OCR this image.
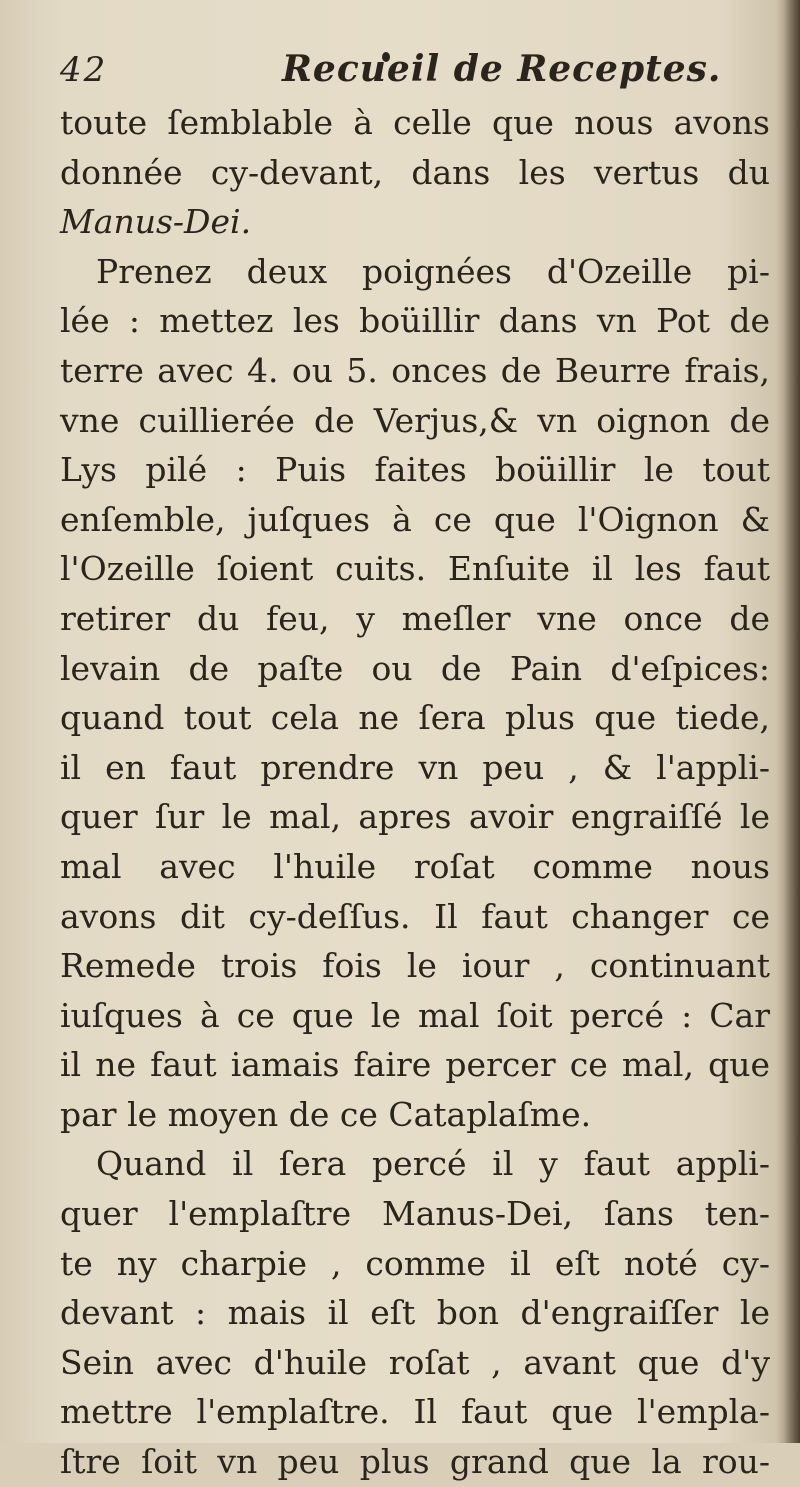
42	Recueil de Receptes.
toute ſemblable à celle que nous avons
donnée cy-devant, dans les vertus du
Manus-Dei.
Prenez deux poignées d'Ozeille pi-
lée : mettez les boüillir dans vn Pot de
terre avec 4. ou 5. onces de Beurre frais,
vne cuillierée de Verjus,& vn oignon de
Lys pilé : Puis faites boüillir le tout
enſemble, juſques à ce que l'Oignon &
l'Ozeille ſoient cuits. Enſuite il les faut
retirer du feu, y meſler vne once de
levain de paſte ou de Pain d'eſpices:
quand tout cela ne ſera plus que tiede,
il en faut prendre vn peu , & l'appli-
quer ſur le mal, apres avoir engraiſſé le
mal avec l'huile roſat comme nous
avons dit cy-deſſus. Il faut changer ce
Remede trois fois le iour , continuant
iuſques à ce que le mal ſoit percé : Car
il ne faut iamais faire percer ce mal, que
par le moyen de ce Cataplaſme.
Quand il ſera percé il y faut appli-
quer l'emplaſtre Manus-Dei, ſans ten-
te ny charpie , comme il eſt noté cy-
devant : mais il eſt bon d'engraiſſer le
Sein avec d'huile roſat , avant que d'y
mettre l'emplaſtre. Il faut que l'empla-
ſtre ſoit vn peu plus grand que la rou-
